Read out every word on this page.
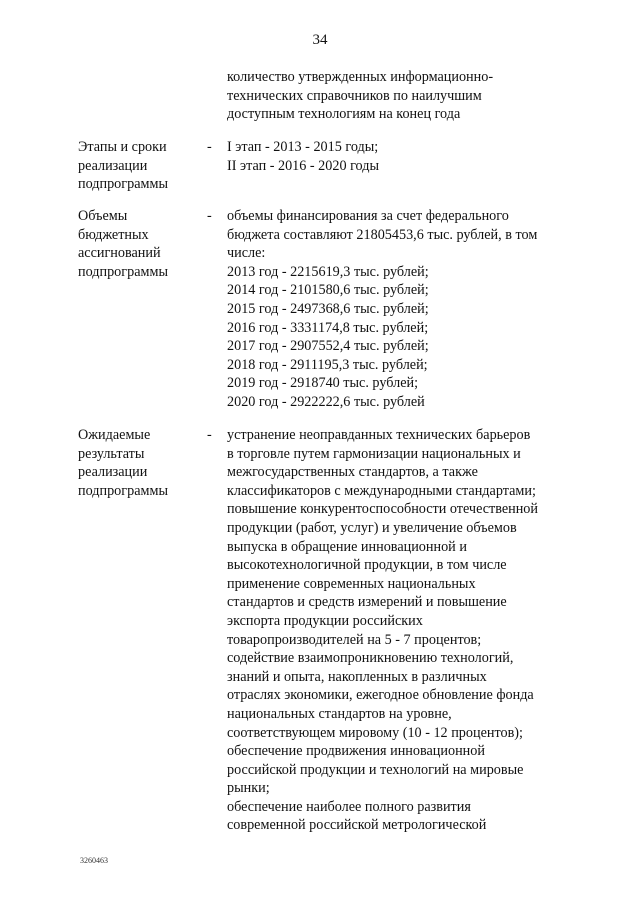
34
количество утвержденных информационно-
технических справочников по наилучшим
доступным технологиям на конец года
Этапы и сроки
реализации
подпрограммы
- I этап - 2013 - 2015 годы;
II этап - 2016 - 2020 годы
Объемы
бюджетных
ассигнований
подпрограммы
- объемы финансирования за счет федерального
бюджета составляют 21805453,6 тыс. рублей, в том
числе:
2013 год - 2215619,3 тыс. рублей;
2014 год - 2101580,6 тыс. рублей;
2015 год - 2497368,6 тыс. рублей;
2016 год - 3331174,8 тыс. рублей;
2017 год - 2907552,4 тыс. рублей;
2018 год - 2911195,3 тыс. рублей;
2019 год - 2918740 тыс. рублей;
2020 год - 2922222,6 тыс. рублей
Ожидаемые
результаты
реализации
подпрограммы
- устранение неоправданных технических барьеров
в торговле путем гармонизации национальных и
межгосударственных стандартов, а также
классификаторов с международными стандартами;
повышение конкурентоспособности отечественной
продукции (работ, услуг) и увеличение объемов
выпуска в обращение инновационной и
высокотехнологичной продукции, в том числе
применение современных национальных
стандартов и средств измерений и повышение
экспорта продукции российских
товаропроизводителей на 5 - 7 процентов;
содействие взаимопроникновению технологий,
знаний и опыта, накопленных в различных
отраслях экономики, ежегодное обновление фонда
национальных стандартов на уровне,
соответствующем мировому (10 - 12 процентов);
обеспечение продвижения инновационной
российской продукции и технологий на мировые
рынки;
обеспечение наиболее полного развития
современной российской метрологической
3260463
